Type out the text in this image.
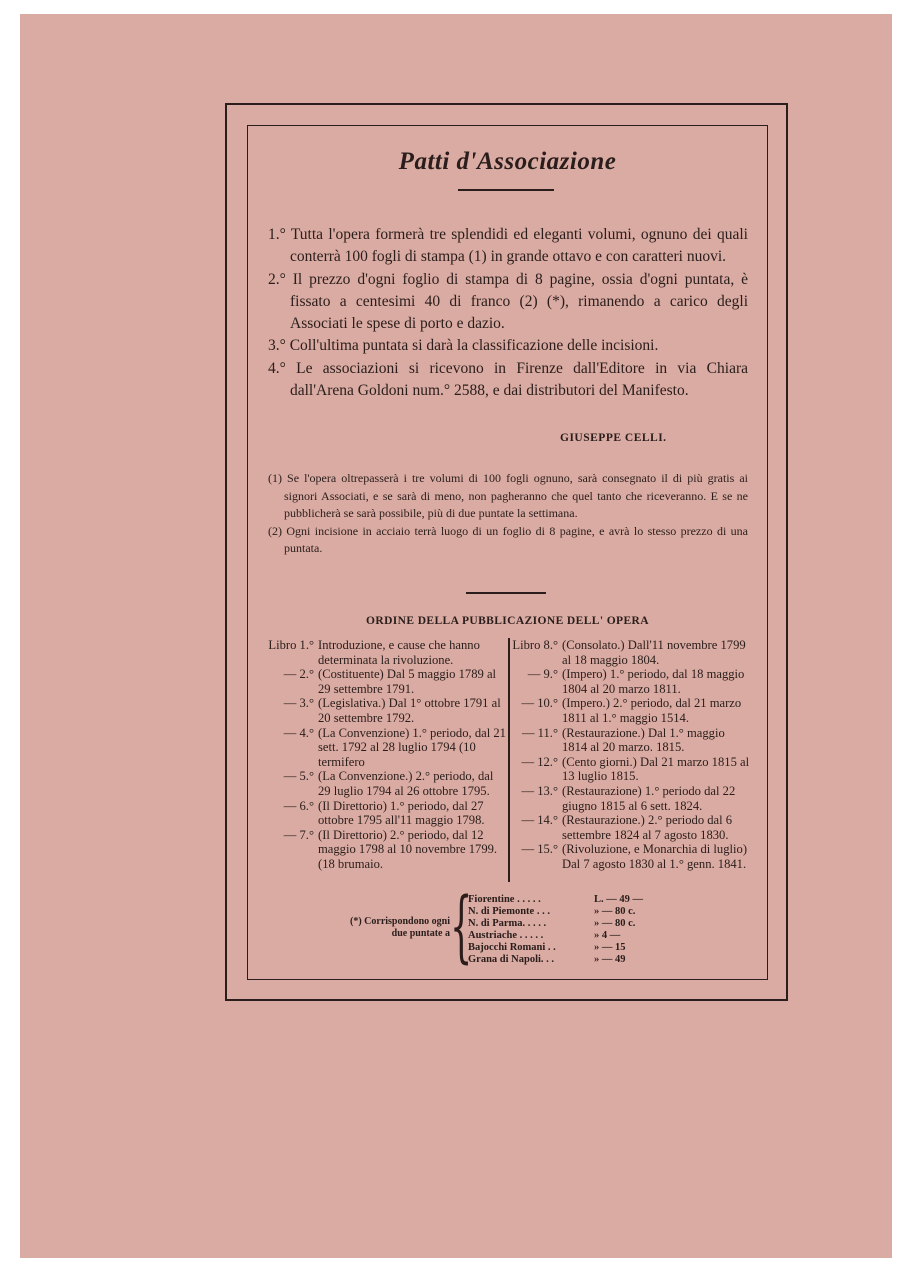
Patti d'Associazione

1.° Tutta l'opera formerà tre splendidi ed eleganti volumi, ognuno dei quali conterrà 100 fogli di stampa (1) in grande ottavo e con caratteri nuovi.

2.° Il prezzo d'ogni foglio di stampa di 8 pagine, ossia d'ogni puntata, è fissato a centesimi 40 di franco (2) (*), rimanendo a carico degli Associati le spese di porto e dazio.

3.° Coll'ultima puntata si darà la classificazione delle incisioni.

4.° Le associazioni si ricevono in Firenze dall'Editore in via Chiara dall'Arena Goldoni num.° 2588, e dai distributori del Manifesto.

GIUSEPPE CELLI.

(1) Se l'opera oltrepasserà i tre volumi di 100 fogli ognuno, sarà consegnato il di più gratis ai signori Associati, e se sarà di meno, non pagheranno che quel tanto che riceveranno. E se ne pubblicherà se sarà possibile, più di due puntate la settimana.

(2) Ogni incisione in acciaio terrà luogo di un foglio di 8 pagine, e avrà lo stesso prezzo di una puntata.

ORDINE DELLA PUBBLICAZIONE DELL' OPERA
Libro 1.° Introduzione, e cause che hanno determinata la rivoluzione.
— 2.° (Costituente) Dal 5 maggio 1789 al 29 settembre 1791.
— 3.° (Legislativa.) Dal 1° ottobre 1791 al 20 settembre 1792.
— 4.° (La Convenzione) 1.° periodo, dal 21 sett. 1792 al 28 luglio 1794 (10 termifero
— 5.° (La Convenzione.) 2.° periodo, dal 29 luglio 1794 al 26 ottobre 1795.
— 6.° (Il Direttorio) 1.° periodo, dal 27 ottobre 1795 all'11 maggio 1798.
— 7.° (Il Direttorio) 2.° periodo, dal 12 maggio 1798 al 10 novembre 1799. (18 brumaio.
Libro 8.° (Consolato.) Dall'11 novembre 1799 al 18 maggio 1804.
— 9.° (Impero) 1.° periodo, dal 18 maggio 1804 al 20 marzo 1811.
— 10.° (Impero.) 2.° periodo, dal 21 marzo 1811 al 1.° maggio 1514.
— 11.° (Restaurazione.) Dal 1.° maggio 1814 al 20 marzo. 1815.
— 12.° (Cento giorni.) Dal 21 marzo 1815 al 13 luglio 1815.
— 13.° (Restaurazione) 1.° periodo dal 22 giugno 1815 al 6 sett. 1824.
— 14.° (Restaurazione.) 2.° periodo dal 6 settembre 1824 al 7 agosto 1830.
— 15.° (Rivoluzione, e Monarchia di luglio) Dal 7 agosto 1830 al 1.° genn. 1841.
(*) Corrispondono ogni due puntate a {
Fiorentine . . . . .	L. — 49 —
N. di Piemonte . . .	» — 80 c.
N. di Parma. . . . .	» — 80 c.
Austriache . . . . .	» 4 —
Bajocchi Romani . .	» — 15
Grana di Napoli. . .	» — 49
